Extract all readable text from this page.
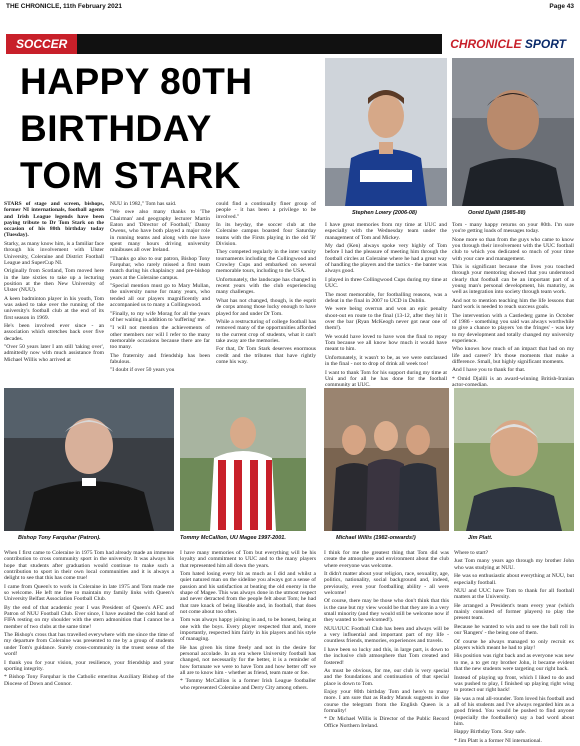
THE CHRONICLE, 11th February 2021	Page 43
SOCCER	CHRONICLE SPORT
HAPPY 80TH BIRTHDAY TOM STARK
Stephen Lowry (2006-08)	Oonid Djalili (1985-88)

STARS of stage and screen, bishops, former NI internationals, football agents and Irish League legends have been paying tribute to Dr Tom Stark on the occasion of his 80th birthday today (Tuesday).

Starky, as many know him, is a familiar face through his involvement with Ulster University, Coleraine and District Football League and SuperCup NI.

Originally from Scotland, Tom moved here in the late sixties to take up a lecturing position at the then New University of Ulster (NUU).

A keen badminton player in his youth, Tom was asked to take over the running of the university's football club at the end of its first season in 1969.

He's been involved ever since - an association which stretches back over five decades.

"Over 50 years later I am still 'taking over', admittedly now with much assistance from Michael Willis who arrived at

NUU in 1982," Tom has said.

"We owe also many thanks to 'The Chairman' and geography lecturer Martin Eaton and 'Director of Football,' Danny Owens, who have both played a major role in running teams and along with me have spent many hours driving university minibuses all over Ireland.

"Thanks go also to our patron, Bishop Tony Farquhar, who rarely missed a first team match during his chaplaincy and pre-bishop years at the Coleraine campus.

"Special mention must go to Mary Mullan, the university nurse for many years, who tended all our players magnificently and accompanied us to many a Collingwood.

"Finally, to my wife Morag for all the years of her waiting in addition to 'suffering' me.

"I will not mention the achievements of other members nor will I refer to the many memorable occasions because there are far too many.

The fraternity and friendship has been fabulous.

"I doubt if over 50 years you

could find a continually finer group of people - it has been a privilege to be involved."

In its heyday, the soccer club at the Coleraine campus boasted four Saturday teams with the Firsts playing in the old 'B' Division.

They competed regularly in the inter varsity tournaments including the Collingwood and Crowley Cups and embarked on several memorable tours, including to the USA.

Unfortunately, the landscape has changed in recent years with the club experiencing many challenges.

What has not changed, though, is the esprit de corps among those lucky enough to have played for and under Dr Tom.

While a restructuring of college football has removed many of the opportunities afforded to the current crop of students, what it can't take away are the memories.

For that, Dr Tom Stark deserves enormous credit and the tributes that have rightly come his way.

I have great memories from my time at UUC and especially with the Wednesday team under the management of Tom and Mickey.

My dad (Ken) always spoke very highly of Tom before I had the pleasure of meeting him through the football circles at Coleraine where he had a great way of handling the players and the tactics - the banter was always good.

I played in three Collingwood Cups during my time at UUC.

The most memorable, for footballing reasons, was a defeat in the final in 2007 to UCD in Dublin.

We were being overrun and won an epic penalty shoot-out en route to the final (13-12, after they hit it over the bar (Ryan McKeogh never got near one of them!).

We would have loved to have won the final to repay Tom because we all know how much it would have meant to him.

Unfortunately, it wasn't to be, as we were outclassed in the final - not to drop of drink all week too!

I want to thank Tom for his support during my time at Uni and for all he has done for the football community at UUC.

Tom - many happy returns on your 80th. I'm sure you're getting loads of messages today.

None more so than from the guys who came to know you through their involvement with the UUC football club to which you dedicated so much of your time with your care and management.

This is significant because the lives you touched through your mentoring showed that you understood clearly that football can be an important part of a young man's personal development, his maturity, as well as integration into society through team work.

And not to mention teaching him the life lessons that hard work is needed to reach success goals.

The intervention with a Castlederg game in October of 1986 - something you said was always worthwhile to give a chance to players 'on the fringes' - was key to my development and totally changed my university experience.

Who knows how much of an impact that had on my life and career? It's those moments that make a difference. Small, but highly significant moments.

And I have you to thank for that.

* Omid Djalili is an award-winning British-Iranian actor-comedian.

Bishop Tony Farquhar (Patron).	Tommy McCallion, UU Magee 1997-2001.	Michael Willis (1982-onwards!)	Jim Platt.

When I first came to Coleraine in 1975 Tom had already made an immense contribution to cross community sport in the university. It was always his hope that students after graduation would continue to make such a contribution to sport in their own local communities and it is always a delight to see that this has come true!

I came from Queen's to work in Coleraine in late 1975 and Tom made me so welcome. He left me free to maintain my family links with Queen's University Belfast Association Football Club.

By the end of that academic year I was President of Queen's AFC and Patron of NUU Football Club. Ever since, I have awaited the cold hand of FIFA resting on my shoulder with the stern admonition that I cannot be a member of two clubs at the same time!

The Bishop's cross that has travelled everywhere with me since the time of my departure from Coleraine was presented to me by a group of students under Tom's guidance. Surely cross-community in the truest sense of the word!

I thank you for your vision, your resilience, your friendship and your sporting integrity.

* Bishop Tony Farquhar is the Catholic emeritus Auxiliary Bishop of the Diocese of Down and Connor.

I have many memories of Tom but everything will be his loyalty and commitment to UUC and to the many players that represented him all down the years.

Tom hated losing every bit as much as I did and whilst a quiet natured man on the sideline you always got a sense of passion and his satisfaction at beating the old enemy in the shape of Magee. This was always done in the utmost respect and never detracted from the people felt about Tom; he had that rare knack of being likeable and, in football, that does not come about too often.

Tom was always happy joining in and, to be honest, being at one with the boys. Every player respected that and, more importantly, respected him fairly in his players and his style of managing.

He has given his time freely and not in the desire for personal accolade. In an era where University football has changed, not necessarily for the better, it is a reminder of how fortunate we were to have Tom and how better off we all are to know him - whether as friend, team mate or foe.

* Tommy McCallion is a former Irish League footballer who represented Coleraine and Derry City among others.

I think for me the greatest thing that Tom did was create the atmosphere and environment about the club where everyone was welcome.

It didn't matter about your religion, race, sexuality, age, politics, nationality, social background and, indeed, previously, even your footballing ability - all were welcome!

Of course, there may be those who don't think that this is the case but my view would be that they are in a very small minority (and they would still be welcome now if they wanted to be welcomed!).

NUU/UUC Football Club has been and always will be a very influential and important part of my life - countless friends, memories, experiences and travels.

I have been so lucky and this, in large part, is down to the inclusive club atmosphere that Tom created and fostered!

As must be obvious, for me, our club is very special and the foundations and continuation of that special place is down to Tom.

Enjoy your 80th birthday Tom and here's to many more. I am sure that as Rudry Manuk suggests in due course the telegram from the English Queen is a formality!

* Dr Michael Willis is Director of the Public Record Office Northern Ireland.

Where to start?

Just Tom many years ago through my brother John who was studying at NUU.

He was so enthusiastic about everything at NUU, but especially football.

NUU and UUC have Tom to thank for all football matters at the University.

He arranged a President's team every year (which mainly consisted of former players) to play the present team.

Because he wanted to win and to see the ball roll in our 'Rangers' - the being one of them.

Of course he always managed to only recruit ex players which meant he had to play!

His position was right back and as everyone was new to me, a to get my brother John, it became evident that the new students were targeting our right back.

Instead of playing up front, which I liked to do and was pushed to play, I finished up playing right wing to protect our right back!

He was a real all-rounder. Tom loved his football and all of his students and I've always regarded him as a good friend. You would be pushed to find anyone (especially the footballers) say a bad word about him.

Happy Birthday Tom. Stay safe.

* Jim Platt is a former NI international.
